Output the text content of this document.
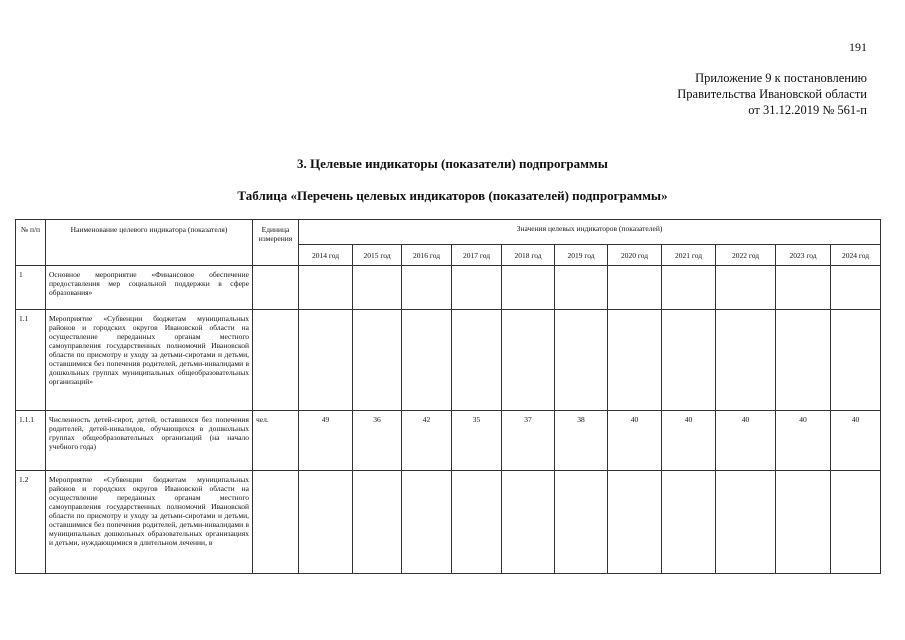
191
Приложение 9 к постановлению
Правительства Ивановской области
от 31.12.2019 № 561-п
3. Целевые индикаторы (показатели) подпрограммы
Таблица «Перечень целевых индикаторов (показателей) подпрограммы»
№ п/п	Наименование целевого индикатора (показателя)	Единица измерения	Значения целевых индикаторов (показателей)										
			2014 год	2015 год	2016 год	2017 год	2018 год	2019 год	2020 год	2021 год	2022 год	2023 год	2024 год
1	Основное мероприятие «Финансовое обеспечение предоставления мер социальной поддержки в сфере образования»												
1.1	Мероприятие «Субвенции бюджетам муниципальных районов и городских округов Ивановской области на осуществление переданных органам местного самоуправления государственных полномочий Ивановской области по присмотру и уходу за детьми-сиротами и детьми, оставшимися без попечения родителей, детьми-инвалидами в дошкольных группах муниципальных общеобразовательных организаций»												
1.1.1	Численность детей-сирот, детей, оставшихся без попечения родителей, детей-инвалидов, обучающихся в дошкольных группах общеобразовательных организаций (на начало учебного года)	чел.	49	36	42	35	37	38	40	40	40	40	40
1.2	Мероприятие «Субвенции бюджетам муниципальных районов и городских округов Ивановской области на осуществление переданных органам местного самоуправления государственных полномочий Ивановской области по присмотру и уходу за детьми-сиротами и детьми, оставшимися без попечения родителей, детьми-инвалидами в муниципальных дошкольных образовательных организациях и детьми, нуждающимися в длительном лечении, в												
